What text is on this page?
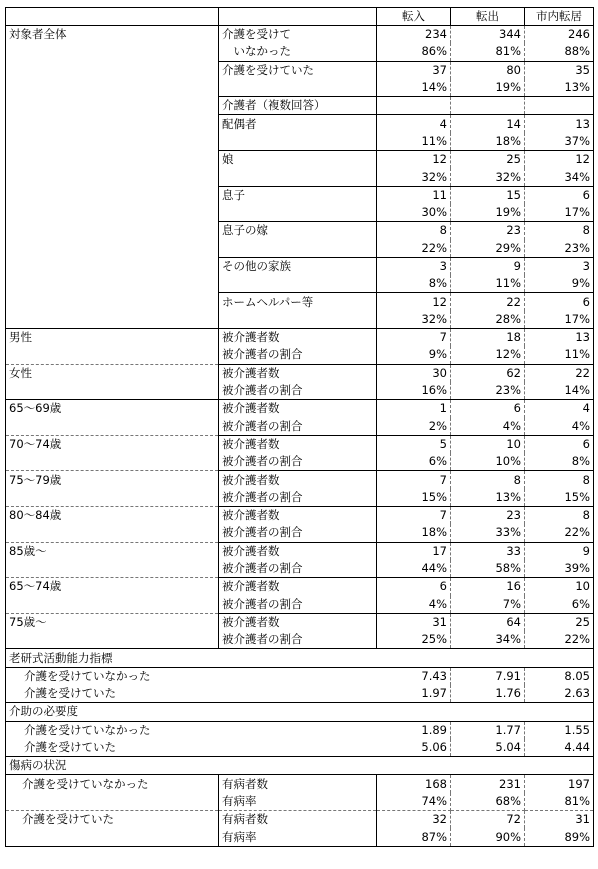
		転入	転出	市内転居
対象者全体	介護を受けて	234	344	246
	　いなかった	86%	81%	88%
	介護を受けていた	37	80	35
		14%	19%	13%
	介護者（複数回答）			
	配偶者	4	14	13
		11%	18%	37%
	娘	12	25	12
		32%	32%	34%
	息子	11	15	6
		30%	19%	17%
	息子の嫁	8	23	8
		22%	29%	23%
	その他の家族	3	9	3
		8%	11%	9%
	ホームヘルパー等	12	22	6
		32%	28%	17%
男性	被介護者数	7	18	13
	被介護者の割合	9%	12%	11%
女性	被介護者数	30	62	22
	被介護者の割合	16%	23%	14%
65～69歳	被介護者数	1	6	4
	被介護者の割合	2%	4%	4%
70～74歳	被介護者数	5	10	6
	被介護者の割合	6%	10%	8%
75～79歳	被介護者数	7	8	8
	被介護者の割合	15%	13%	15%
80～84歳	被介護者数	7	23	8
	被介護者の割合	18%	33%	22%
85歳～	被介護者数	17	33	9
	被介護者の割合	44%	58%	39%
65～74歳	被介護者数	6	16	10
	被介護者の割合	4%	7%	6%
75歳～	被介護者数	31	64	25
	被介護者の割合	25%	34%	22%
老研式活動能力指標				
介護を受けていなかった		7.43	7.91	8.05
介護を受けていた		1.97	1.76	2.63
介助の必要度				
介護を受けていなかった		1.89	1.77	1.55
介護を受けていた		5.06	5.04	4.44
傷病の状況				
介護を受けていなかった	有病者数	168	231	197
	有病率	74%	68%	81%
介護を受けていた	有病者数	32	72	31
	有病率	87%	90%	89%
